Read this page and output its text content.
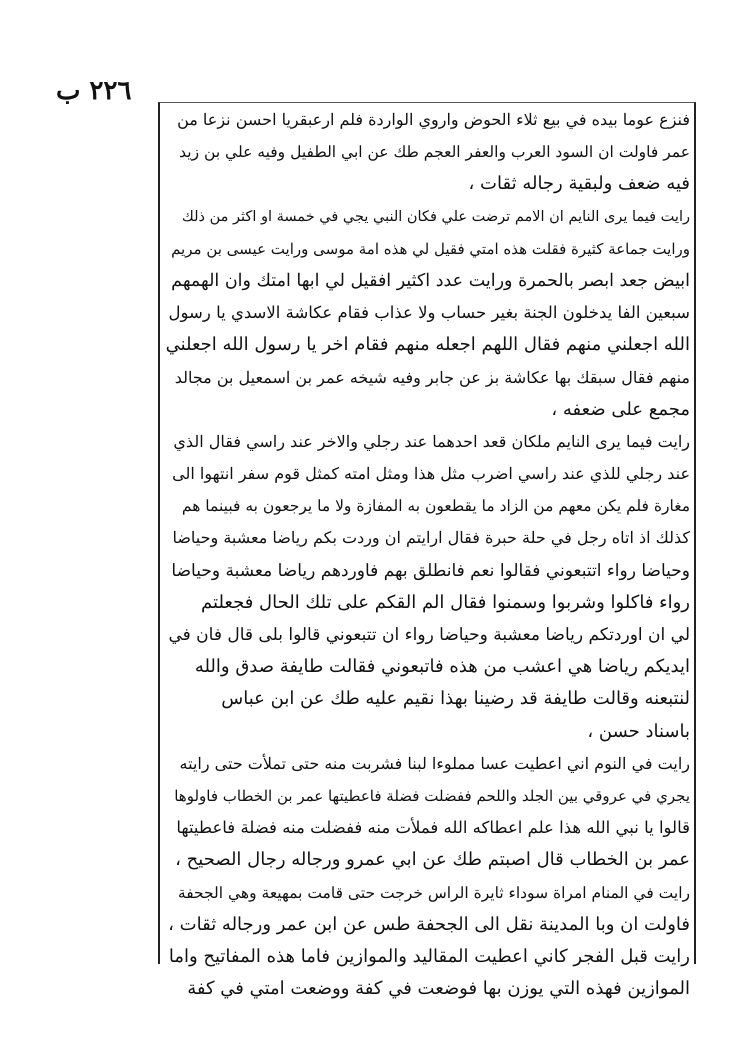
٢٢٦ ب
فنزع عوما بيده في بيع ثلاء الحوض واروي الواردة فلم ارعبقريا احسن نزعا من
عمر فاولت ان السود العرب والعفر العجم طك عن ابي الطفيل وفيه علي بن زيد
فيه ضعف ولبقية رجاله ثقات ،
رايت فيما يرى النايم ان الامم ترضت علي فكان النبي يجي في خمسة او اكثر من ذلك
ورايت جماعة كثيرة فقلت هذه امتي فقيل لي هذه امة موسى ورايت عيسى بن مريم
ابيض جعد ابصر بالحمرة ورايت عدد اكثير افقيل لي ابها امتك وان الهمهم
سبعين الفا يدخلون الجنة بغير حساب ولا عذاب فقام عكاشة الاسدي يا رسول
الله اجعلني منهم فقال اللهم اجعله منهم فقام اخر يا رسول الله اجعلني
منهم فقال سبقك بها عكاشة بز عن جابر وفيه شيخه عمر بن اسمعيل بن مجالد
مجمع على ضعفه ،
رايت فيما يرى النايم ملكان قعد احدهما عند رجلي والاخر عند راسي فقال الذي
عند رجلي للذي عند راسي اضرب مثل هذا ومثل امته كمثل قوم سفر انتهوا الى
مغارة فلم يكن معهم من الزاد ما يقطعون به المفازة ولا ما يرجعون به فبينما هم
كذلك اذ اتاه رجل في حلة حبرة فقال ارايتم ان وردت بكم رياضا معشبة وحياضا
وحياضا رواء اتتبعوني فقالوا نعم فانطلق بهم فاوردهم رياضا معشبة وحياضا
رواء فاكلوا وشربوا وسمنوا فقال الم القكم على تلك الحال فجعلتم
لي ان اوردتكم رياضا معشبة وحياضا رواء ان تتبعوني قالوا بلى قال فان في
ايديكم رياضا هي اعشب من هذه فاتبعوني فقالت طايفة صدق والله
لنتبعنه وقالت طايفة قد رضينا بهذا نقيم عليه طك عن ابن عباس
باسناد حسن ،
رايت في النوم اني اعطيت عسا مملوءا لبنا فشربت منه حتى تملأت حتى رايته
يجري في عروقي بين الجلد واللحم ففضلت فضلة فاعطيتها عمر بن الخطاب فاولوها
قالوا يا نبي الله هذا علم اعطاكه الله فملأت منه ففضلت منه فضلة فاعطيتها
عمر بن الخطاب قال اصبتم طك عن ابي عمرو ورجاله رجال الصحيح ،
رايت في المنام امراة سوداء ثايرة الراس خرجت حتى قامت بمهيعة وهي الجحفة
فاولت ان وبا المدينة نقل الى الجحفة طس عن ابن عمر ورجاله ثقات ،
رايت قبل الفجر كاني اعطيت المقاليد والموازين فاما هذه المفاتيح واما
الموازين فهذه التي يوزن بها فوضعت في كفة ووضعت امتي في كفة
